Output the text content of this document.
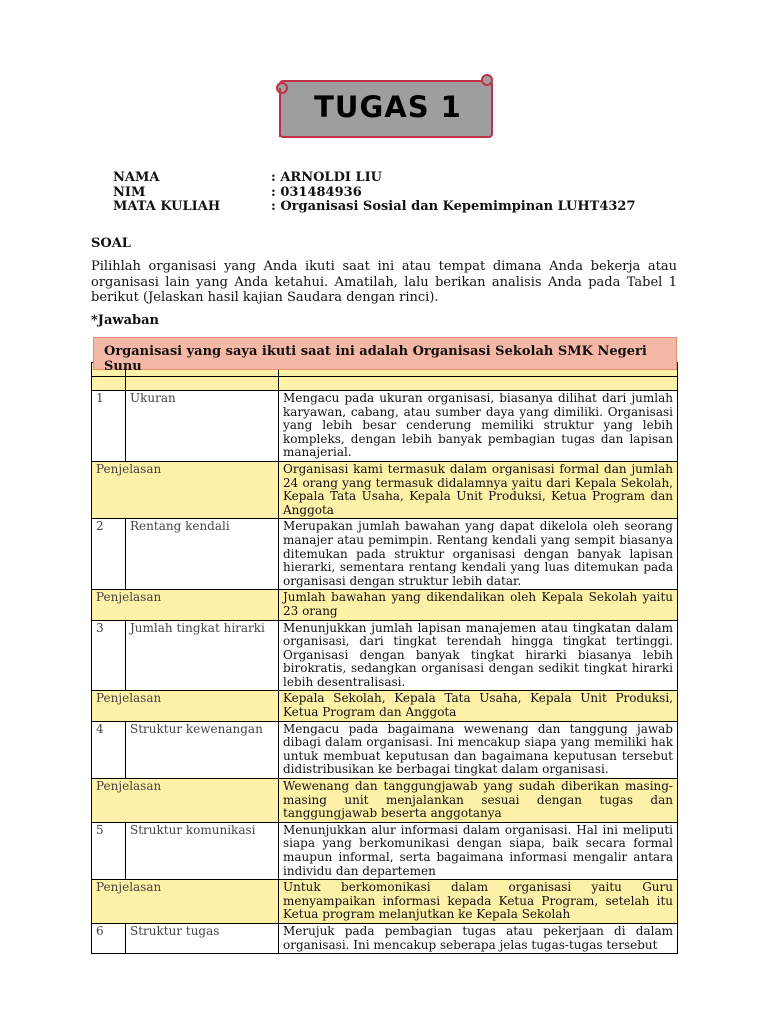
TUGAS 1
NAMA	: ARNOLDI LIU
NIM	: 031484936
MATA KULIAH	: Organisasi Sosial dan Kepemimpinan LUHT4327
SOAL
Pilihlah organisasi yang Anda ikuti saat ini atau tempat dimana Anda bekerja atau organisasi lain yang Anda ketahui. Amatilah, lalu berikan analisis Anda pada Tabel 1 berikut (Jelaskan hasil kajian Saudara dengan rinci).
*Jawaban

1	Ukuran	Mengacu pada ukuran organisasi, biasanya dilihat dari jumlah karyawan, cabang, atau sumber daya yang dimiliki. Organisasi yang lebih besar cenderung memiliki struktur yang lebih kompleks, dengan lebih banyak pembagian tugas dan lapisan manajerial.
Penjelasan		Organisasi kami termasuk dalam organisasi formal dan jumlah 24 orang yang termasuk didalamnya yaitu dari Kepala Sekolah, Kepala Tata Usaha, Kepala Unit Produksi, Ketua Program dan Anggota
2	Rentang kendali	Merupakan jumlah bawahan yang dapat dikelola oleh seorang manajer atau pemimpin. Rentang kendali yang sempit biasanya ditemukan pada struktur organisasi dengan banyak lapisan hierarki, sementara rentang kendali yang luas ditemukan pada organisasi dengan struktur lebih datar.
Penjelasan		Jumlah bawahan yang dikendalikan oleh Kepala Sekolah yaitu 23 orang
3	Jumlah tingkat hirarki	Menunjukkan jumlah lapisan manajemen atau tingkatan dalam organisasi, dari tingkat terendah hingga tingkat tertinggi. Organisasi dengan banyak tingkat hirarki biasanya lebih birokratis, sedangkan organisasi dengan sedikit tingkat hirarki lebih desentralisasi.
Penjelasan		Kepala Sekolah, Kepala Tata Usaha, Kepala Unit Produksi, Ketua Program dan Anggota
4	Struktur kewenangan	Mengacu pada bagaimana wewenang dan tanggung jawab dibagi dalam organisasi. Ini mencakup siapa yang memiliki hak untuk membuat keputusan dan bagaimana keputusan tersebut didistribusikan ke berbagai tingkat dalam organisasi.
Penjelasan		Wewenang dan tanggungjawab yang sudah diberikan masing-masing unit menjalankan sesuai dengan tugas dan tanggungjawab beserta anggotanya
5	Struktur komunikasi	Menunjukkan alur informasi dalam organisasi. Hal ini meliputi siapa yang berkomunikasi dengan siapa, baik secara formal maupun informal, serta bagaimana informasi mengalir antara individu dan departemen
Penjelasan		Untuk berkomonikasi dalam organisasi yaitu Guru menyampaikan informasi kepada Ketua Program, setelah itu Ketua program melanjutkan ke Kepala Sekolah
6	Struktur tugas	Merujuk pada pembagian tugas atau pekerjaan di dalam organisasi. Ini mencakup seberapa jelas tugas-tugas tersebut
Organisasi yang saya ikuti saat ini adalah Organisasi Sekolah SMK Negeri Sunu
